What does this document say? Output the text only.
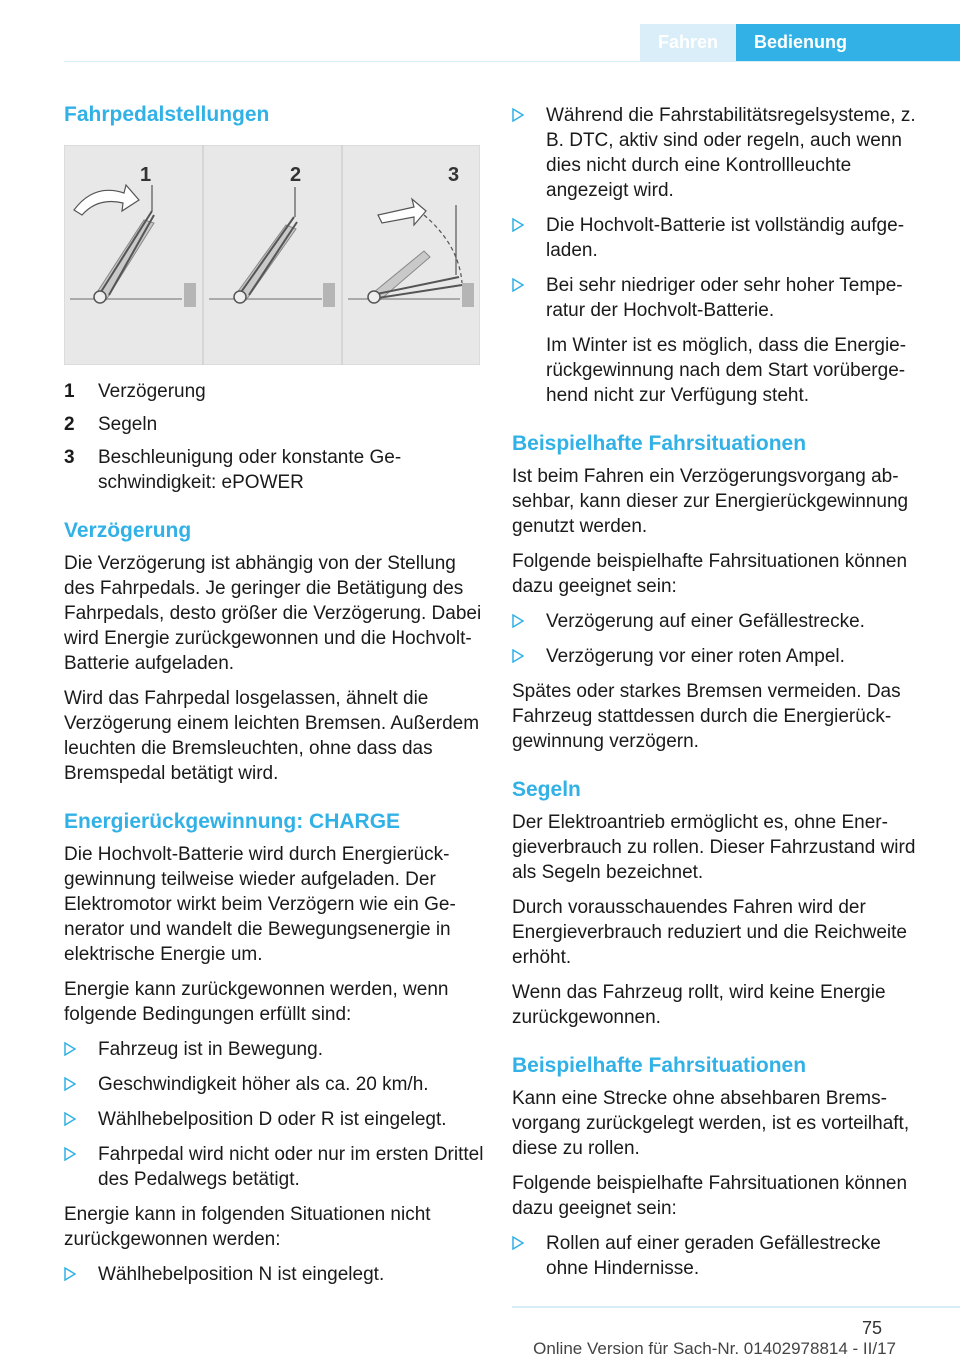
Fahren	Bedienung
Fahrpedalstellungen
1	2	3
1 Verzögerung
2 Segeln
3 Beschleunigung oder konstante Geschwindigkeit: ePOWER
Verzögerung

Die Verzögerung ist abhängig von der Stellung des Fahrpedals. Je geringer die Betätigung des Fahrpedals, desto größer die Verzögerung. Dabei wird Energie zurückgewonnen und die Hochvolt-Batterie aufgeladen.

Wird das Fahrpedal losgelassen, ähnelt die Verzögerung einem leichten Bremsen. Außerdem leuchten die Bremsleuchten, ohne dass das Bremspedal betätigt wird.

Energierückgewinnung: CHARGE

Die Hochvolt-Batterie wird durch Energierückgewinnung teilweise wieder aufgeladen. Der Elektromotor wirkt beim Verzögern wie ein Generator und wandelt die Bewegungsenergie in elektrische Energie um.

Energie kann zurückgewonnen werden, wenn folgende Bedingungen erfüllt sind:

Fahrzeug ist in Bewegung.
Geschwindigkeit höher als ca. 20 km/h.
Wählhebelposition D oder R ist eingelegt.
Fahrpedal wird nicht oder nur im ersten Drittel des Pedalwegs betätigt.

Energie kann in folgenden Situationen nicht zurückgewonnen werden:

Wählhebelposition N ist eingelegt.
Während die Fahrstabilitätsregelsysteme, z. B. DTC, aktiv sind oder regeln, auch wenn dies nicht durch eine Kontrollleuchte angezeigt wird.
Die Hochvolt-Batterie ist vollständig aufgeladen.
Bei sehr niedriger oder sehr hoher Temperatur der Hochvolt-Batterie.
Im Winter ist es möglich, dass die Energierückgewinnung nach dem Start vorübergehend nicht zur Verfügung steht.
Beispielhafte Fahrsituationen

Ist beim Fahren ein Verzögerungsvorgang absehbar, kann dieser zur Energierückgewinnung genutzt werden.

Folgende beispielhafte Fahrsituationen können dazu geeignet sein:

Verzögerung auf einer Gefällestrecke.
Verzögerung vor einer roten Ampel.

Spätes oder starkes Bremsen vermeiden. Das Fahrzeug stattdessen durch die Energierückgewinnung verzögern.

Segeln

Der Elektroantrieb ermöglicht es, ohne Energieverbrauch zu rollen. Dieser Fahrzustand wird als Segeln bezeichnet.

Durch vorausschauendes Fahren wird der Energieverbrauch reduziert und die Reichweite erhöht.

Wenn das Fahrzeug rollt, wird keine Energie zurückgewonnen.

Beispielhafte Fahrsituationen

Kann eine Strecke ohne absehbaren Bremsvorgang zurückgelegt werden, ist es vorteilhaft, diese zu rollen.

Folgende beispielhafte Fahrsituationen können dazu geeignet sein:

Rollen auf einer geraden Gefällestrecke ohne Hindernisse.
75
Online Version für Sach-Nr. 01402978814 - II/17
